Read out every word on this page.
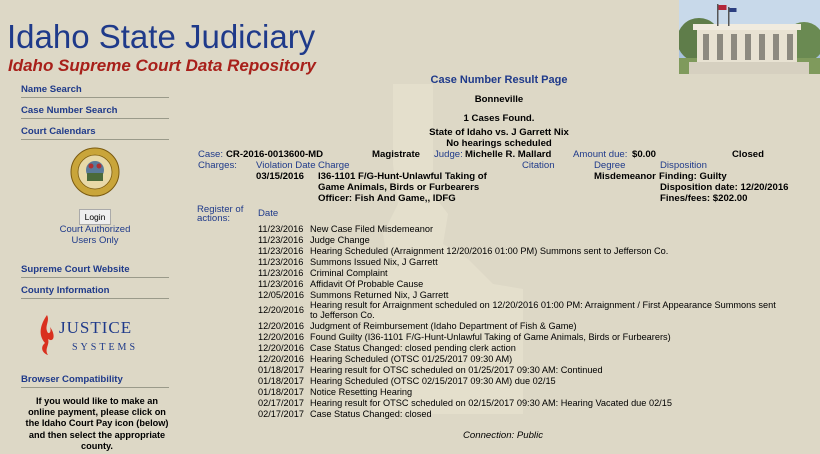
Idaho State Judiciary
Idaho Supreme Court Data Repository
Name Search
Case Number Search
Court Calendars
Login
Court Authorized Users Only
Supreme Court Website
County Information
JUSTICE
SYSTEMS
Browser Compatibility
If you would like to make an online payment, please click on the Idaho Court Pay icon (below) and then select the appropriate county.
Case Number Result Page
Bonneville
1 Cases Found.
State of Idaho vs. J Garrett Nix
No hearings scheduled
Case: CR-2016-0013600-MD	Magistrate Judge: Michelle R. Mallard Amount due: $0.00	Closed
Charges: Violation Date Charge	Citation	Degree	Disposition
03/15/2016 I36-1101 F/G-Hunt-Unlawful Taking of
Game Animals, Birds or Furbearers
Officer: Fish And Game,, IDFG
Misdemeanor Finding: Guilty
Disposition date: 12/20/2016
Fines/fees: $202.00
Register of
actions:	Date
11/23/2016 New Case Filed Misdemeanor
11/23/2016 Judge Change
11/23/2016 Hearing Scheduled (Arraignment 12/20/2016 01:00 PM) Summons sent to Jefferson Co.
11/23/2016 Summons Issued Nix, J Garrett
11/23/2016 Criminal Complaint
11/23/2016 Affidavit Of Probable Cause
12/05/2016 Summons Returned Nix, J Garrett
12/20/2016 Hearing result for Arraignment scheduled on 12/20/2016 01:00 PM: Arraignment / First Appearance Summons sent
to Jefferson Co.
12/20/2016 Judgment of Reimbursement (Idaho Department of Fish & Game)
12/20/2016 Found Guilty (I36-1101 F/G-Hunt-Unlawful Taking of Game Animals, Birds or Furbearers)
12/20/2016 Case Status Changed: closed pending clerk action
12/20/2016 Hearing Scheduled (OTSC 01/25/2017 09:30 AM)
01/18/2017 Hearing result for OTSC scheduled on 01/25/2017 09:30 AM: Continued
01/18/2017 Hearing Scheduled (OTSC 02/15/2017 09:30 AM) due 02/15
01/18/2017 Notice Resetting Hearing
02/17/2017 Hearing result for OTSC scheduled on 02/15/2017 09:30 AM: Hearing Vacated due 02/15
02/17/2017 Case Status Changed: closed
Connection: Public
